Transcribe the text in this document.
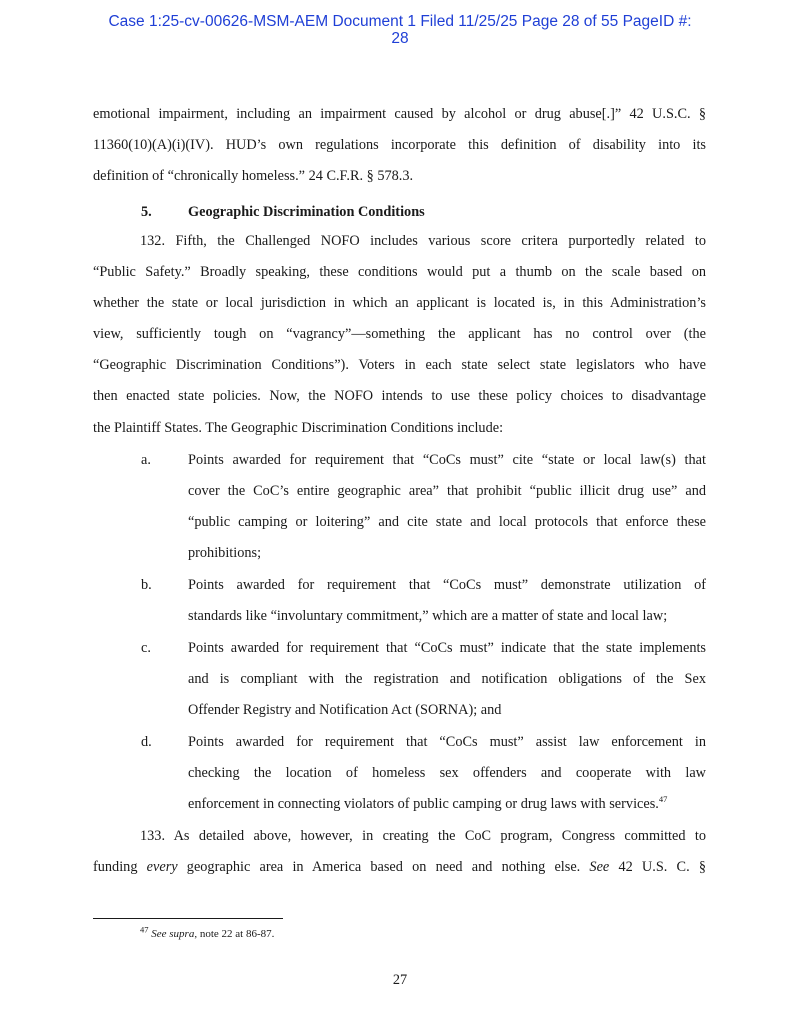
Case 1:25-cv-00626-MSM-AEM Document 1 Filed 11/25/25 Page 28 of 55 PageID #:
28
emotional impairment, including an impairment caused by alcohol or drug abuse[.]” 42 U.S.C. §
11360(10)(A)(i)(IV). HUD’s own regulations incorporate this definition of disability into its
definition of “chronically homeless.” 24 C.F.R. § 578.3.
5.	Geographic Discrimination Conditions
132. Fifth, the Challenged NOFO includes various score critera purportedly related to
“Public Safety.” Broadly speaking, these conditions would put a thumb on the scale based on
whether the state or local jurisdiction in which an applicant is located is, in this Administration’s
view, sufficiently tough on “vagrancy”—something the applicant has no control over (the
“Geographic Discrimination Conditions”). Voters in each state select state legislators who have
then enacted state policies. Now, the NOFO intends to use these policy choices to disadvantage
the Plaintiff States. The Geographic Discrimination Conditions include:
a.	Points awarded for requirement that “CoCs must” cite “state or local law(s) that
cover the CoC’s entire geographic area” that prohibit “public illicit drug use” and
“public camping or loitering” and cite state and local protocols that enforce these
prohibitions;
b.	Points awarded for requirement that “CoCs must” demonstrate utilization of
standards like “involuntary commitment,” which are a matter of state and local law;
c.	Points awarded for requirement that “CoCs must” indicate that the state implements
and is compliant with the registration and notification obligations of the Sex
Offender Registry and Notification Act (SORNA); and
d.	Points awarded for requirement that “CoCs must” assist law enforcement in
checking the location of homeless sex offenders and cooperate with law
enforcement in connecting violators of public camping or drug laws with services.$^{47}$
133. As detailed above, however, in creating the CoC program, Congress committed to
funding every geographic area in America based on need and nothing else. See 42 U.S. C. §
$^{47}$ See supra, note 22 at 86-87.
27
